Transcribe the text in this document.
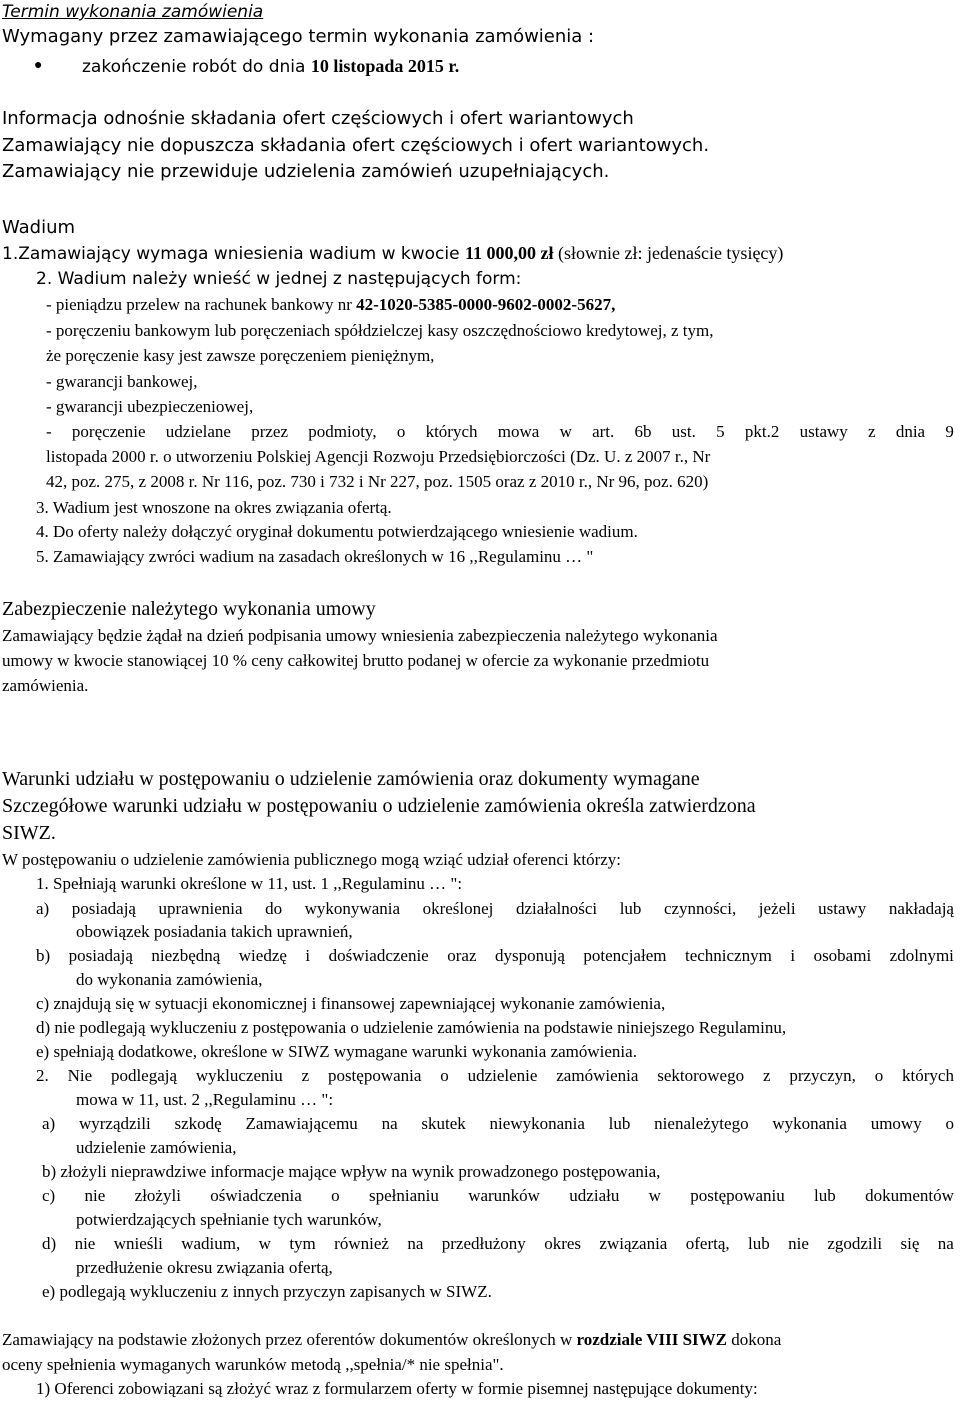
Termin wykonania zamówienia
Wymagany przez zamawiającego termin wykonania zamówienia :
● zakończenie robót do dnia 10 listopada 2015 r.
Informacja odnośnie składania ofert częściowych i ofert wariantowych
Zamawiający nie dopuszcza składania ofert częściowych i ofert wariantowych.
Zamawiający nie przewiduje udzielenia zamówień uzupełniających.
Wadium
1.Zamawiający wymaga wniesienia wadium w kwocie 11 000,00 zł (słownie zł: jedenaście tysięcy)
2. Wadium należy wnieść w jednej z następujących form:
- pieniądzu przelew na rachunek bankowy nr 42-1020-5385-0000-9602-0002-5627,
- poręczeniu bankowym lub poręczeniach spółdzielczej kasy oszczędnościowo kredytowej, z tym,
że poręczenie kasy jest zawsze poręczeniem pieniężnym,
- gwarancji bankowej,
- gwarancji ubezpieczeniowej,
- poręczenie udzielane przez podmioty, o których mowa w art. 6b ust. 5 pkt.2 ustawy z dnia 9
listopada 2000 r. o utworzeniu Polskiej Agencji Rozwoju Przedsiębiorczości (Dz. U. z 2007 r., Nr
42, poz. 275, z 2008 r. Nr 116, poz. 730 i 732 i Nr 227, poz. 1505 oraz z 2010 r., Nr 96, poz. 620)
3. Wadium jest wnoszone na okres związania ofertą.
4. Do oferty należy dołączyć oryginał dokumentu potwierdzającego wniesienie wadium.
5. Zamawiający zwróci wadium na zasadach określonych w 16 ,,Regulaminu … "
Zabezpieczenie należytego wykonania umowy
Zamawiający będzie żądał na dzień podpisania umowy wniesienia zabezpieczenia należytego wykonania
umowy w kwocie stanowiącej 10 % ceny całkowitej brutto podanej w ofercie za wykonanie przedmiotu
zamówienia.
Warunki udziału w postępowaniu o udzielenie zamówienia oraz dokumenty wymagane
Szczegółowe warunki udziału w postępowaniu o udzielenie zamówienia określa zatwierdzona
SIWZ.
W postępowaniu o udzielenie zamówienia publicznego mogą wziąć udział oferenci którzy:
1. Spełniają warunki określone w 11, ust. 1 ,,Regulaminu … ":
a) posiadają uprawnienia do wykonywania określonej działalności lub czynności, jeżeli ustawy nakładają
obowiązek posiadania takich uprawnień,
b) posiadają niezbędną wiedzę i doświadczenie oraz dysponują potencjałem technicznym i osobami zdolnymi
do wykonania zamówienia,
c) znajdują się w sytuacji ekonomicznej i finansowej zapewniającej wykonanie zamówienia,
d) nie podlegają wykluczeniu z postępowania o udzielenie zamówienia na podstawie niniejszego Regulaminu,
e) spełniają dodatkowe, określone w SIWZ wymagane warunki wykonania zamówienia.
2. Nie podlegają wykluczeniu z postępowania o udzielenie zamówienia sektorowego z przyczyn, o których
mowa w 11, ust. 2 ,,Regulaminu … ":
a) wyrządzili szkodę Zamawiającemu na skutek niewykonania lub nienależytego wykonania umowy o
udzielenie zamówienia,
b) złożyli nieprawdziwe informacje mające wpływ na wynik prowadzonego postępowania,
c) nie złożyli oświadczenia o spełnianiu warunków udziału w postępowaniu lub dokumentów
potwierdzających spełnianie tych warunków,
d) nie wnieśli wadium, w tym również na przedłużony okres związania ofertą, lub nie zgodzili się na
przedłużenie okresu związania ofertą,
e) podlegają wykluczeniu z innych przyczyn zapisanych w SIWZ.
Zamawiający na podstawie złożonych przez oferentów dokumentów określonych w rozdziale VIII SIWZ dokona
oceny spełnienia wymaganych warunków metodą ,,spełnia/* nie spełnia".
1) Oferenci zobowiązani są złożyć wraz z formularzem oferty w formie pisemnej następujące dokumenty:
